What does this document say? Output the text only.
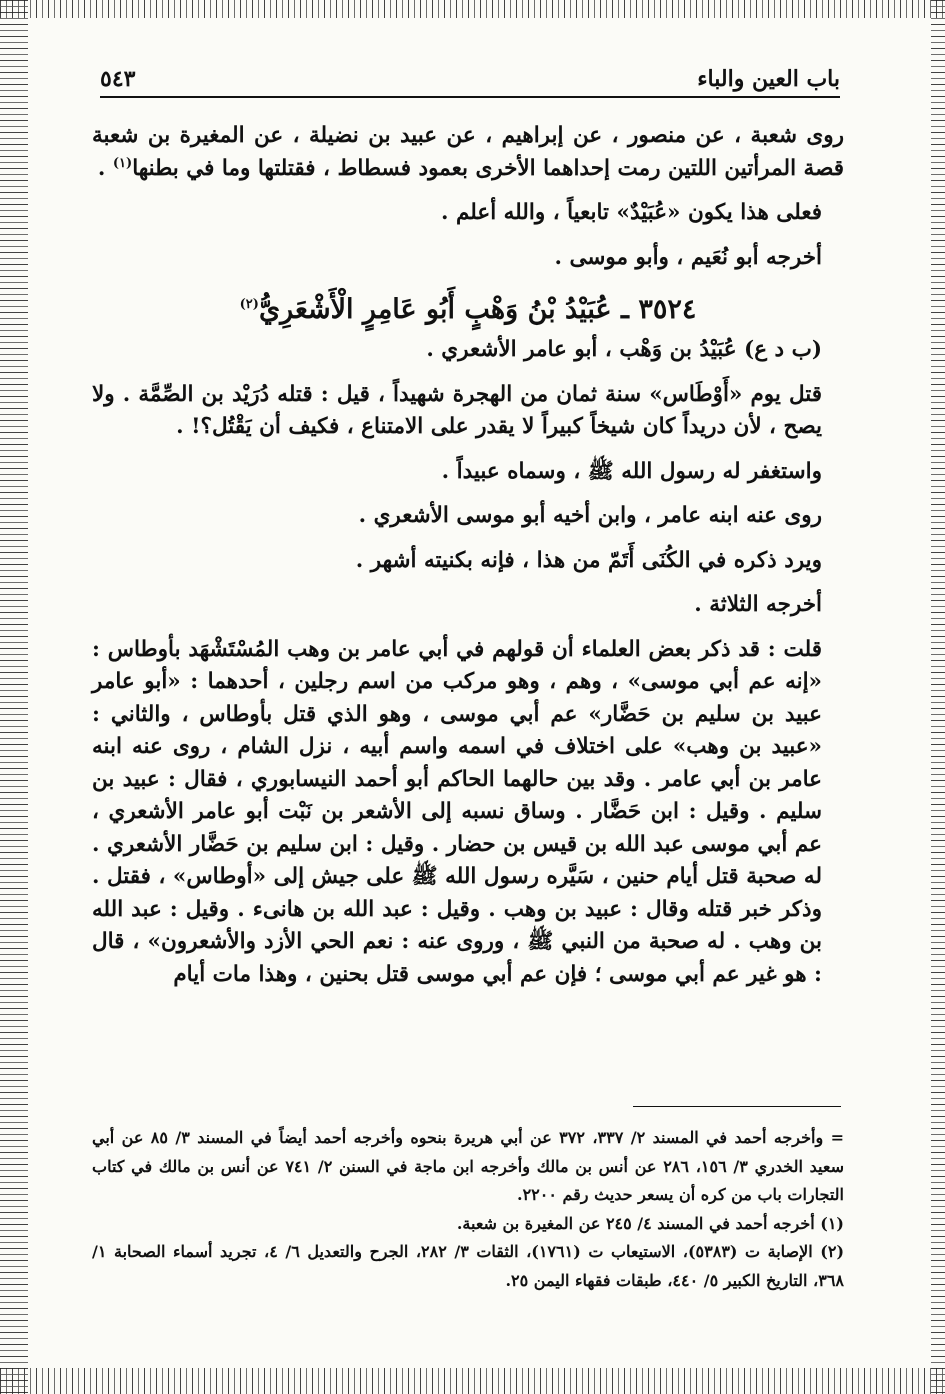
باب العين والباء
٥٤٣

روى شعبة ، عن منصور ، عن إبراهيم ، عن عبيد بن نضيلة ، عن المغيرة بن شعبة قصة المرأتين اللتين رمت إحداهما الأخرى بعمود فسطاط ، فقتلتها وما في بطنها$^{(١)}$ .

فعلى هذا يكون «عُبَيْدٌ» تابعياً ، والله أعلم .

أخرجه أبو نُعَيم ، وأبو موسى .

٣٥٢٤ ـ عُبَيْدُ بْنُ وَهْبٍ أَبُو عَامِرٍ الْأَشْعَرِيُّ$^{(٢)}$

(ب د ع) عُبَيْدُ بن وَهْب ، أبو عامر الأشعري .

قتل يوم «أَوْطَاس» سنة ثمان من الهجرة شهيداً ، قيل : قتله دُرَيْد بن الصِّمَّة . ولا يصح ، لأن دريداً كان شيخاً كبيراً لا يقدر على الامتناع ، فكيف أن يَقْتُل؟! .

واستغفر له رسول الله ﷺ ، وسماه عبيداً .

روى عنه ابنه عامر ، وابن أخيه أبو موسى الأشعري .

ويرد ذكره في الكُنَى أَتَمّ من هذا ، فإنه بكنيته أشهر .

أخرجه الثلاثة .

قلت : قد ذكر بعض العلماء أن قولهم في أبي عامر بن وهب المُسْتَشْهَد بأوطاس : «إنه عم أبي موسى» ، وهم ، وهو مركب من اسم رجلين ، أحدهما : «أبو عامر عبيد بن سليم بن حَضَّار» عم أبي موسى ، وهو الذي قتل بأوطاس ، والثاني : «عبيد بن وهب» على اختلاف في اسمه واسم أبيه ، نزل الشام ، روى عنه ابنه عامر بن أبي عامر . وقد بين حالهما الحاكم أبو أحمد النيسابوري ، فقال : عبيد بن سليم . وقيل : ابن حَضَّار . وساق نسبه إلى الأشعر بن نَبْت أبو عامر الأشعري ، عم أبي موسى عبد الله بن قيس بن حضار . وقيل : ابن سليم بن حَضَّار الأشعري . له صحبة قتل أيام حنين ، سَيَّره رسول الله ﷺ على جيش إلى «أوطاس» ، فقتل . وذكر خبر قتله وقال : عبيد بن وهب . وقيل : عبد الله بن هانىء . وقيل : عبد الله بن وهب . له صحبة من النبي ﷺ ، وروى عنه : نعم الحي الأزد والأشعرون» ، قال : هو غير عم أبي موسى ؛ فإن عم أبي موسى قتل بحنين ، وهذا مات أيام

= وأخرجه أحمد في المسند ٢/ ٣٣٧، ٣٧٢ عن أبي هريرة بنحوه وأخرجه أحمد أيضاً في المسند ٣/ ٨٥ عن أبي سعيد الخدري ٣/ ١٥٦، ٢٨٦ عن أنس بن مالك وأخرجه ابن ماجة في السنن ٢/ ٧٤١ عن أنس بن مالك في كتاب التجارات باب من كره أن يسعر حديث رقم ٢٢٠٠.

(١) أخرجه أحمد في المسند ٤/ ٢٤٥ عن المغيرة بن شعبة.

(٢) الإصابة ت (٥٣٨٣)، الاستيعاب ت (١٧٦١)، الثقات ٣/ ٢٨٢، الجرح والتعديل ٦/ ٤، تجريد أسماء الصحابة ١/ ٣٦٨، التاريخ الكبير ٥/ ٤٤٠، طبقات فقهاء اليمن ٢٥.
